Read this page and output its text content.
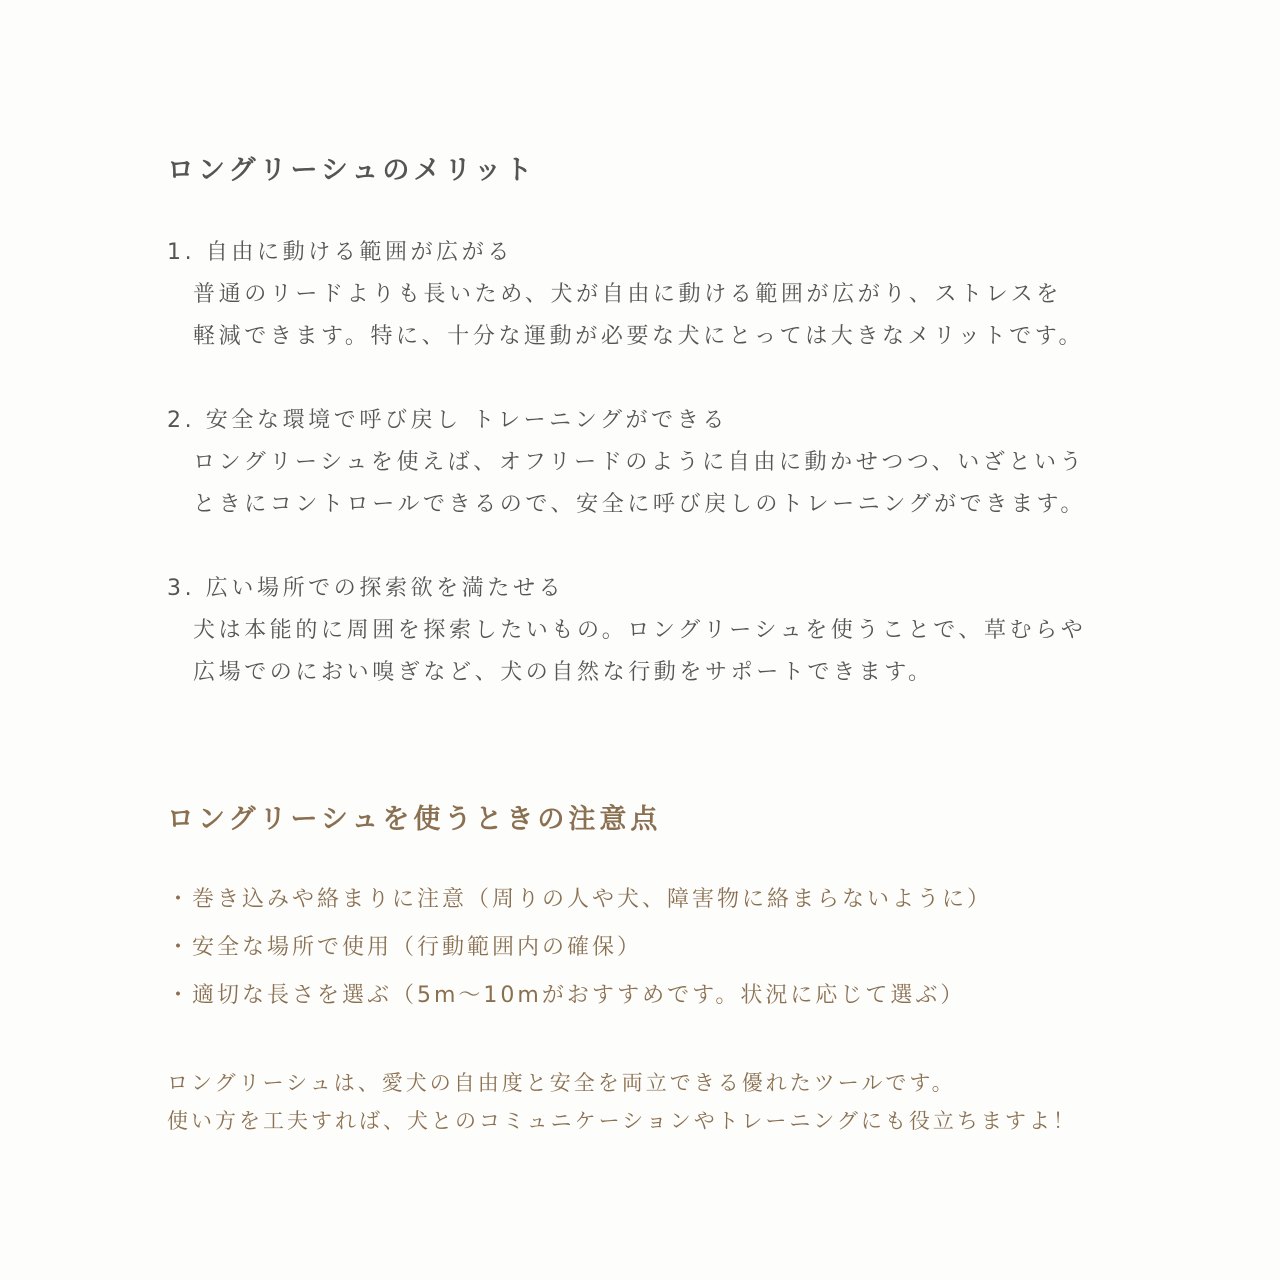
ロングリーシュのメリット
1. 自由に動ける範囲が広がる
普通のリードよりも長いため、犬が自由に動ける範囲が広がり、ストレスを
軽減できます。特に、十分な運動が必要な犬にとっては大きなメリットです。
2. 安全な環境で呼び戻し トレーニングができる
ロングリーシュを使えば、オフリードのように自由に動かせつつ、いざという
ときにコントロールできるので、安全に呼び戻しのトレーニングができます。
3. 広い場所での探索欲を満たせる
犬は本能的に周囲を探索したいもの。ロングリーシュを使うことで、草むらや
広場でのにおい嗅ぎなど、犬の自然な行動をサポートできます。
ロングリーシュを使うときの注意点
・巻き込みや絡まりに注意（周りの人や犬、障害物に絡まらないように）
・安全な場所で使用（行動範囲内の確保）
・適切な長さを選ぶ（5m〜10mがおすすめです。状況に応じて選ぶ）

ロングリーシュは、愛犬の自由度と安全を両立できる優れたツールです。
使い方を工夫すれば、犬とのコミュニケーションやトレーニングにも役立ちますよ！
